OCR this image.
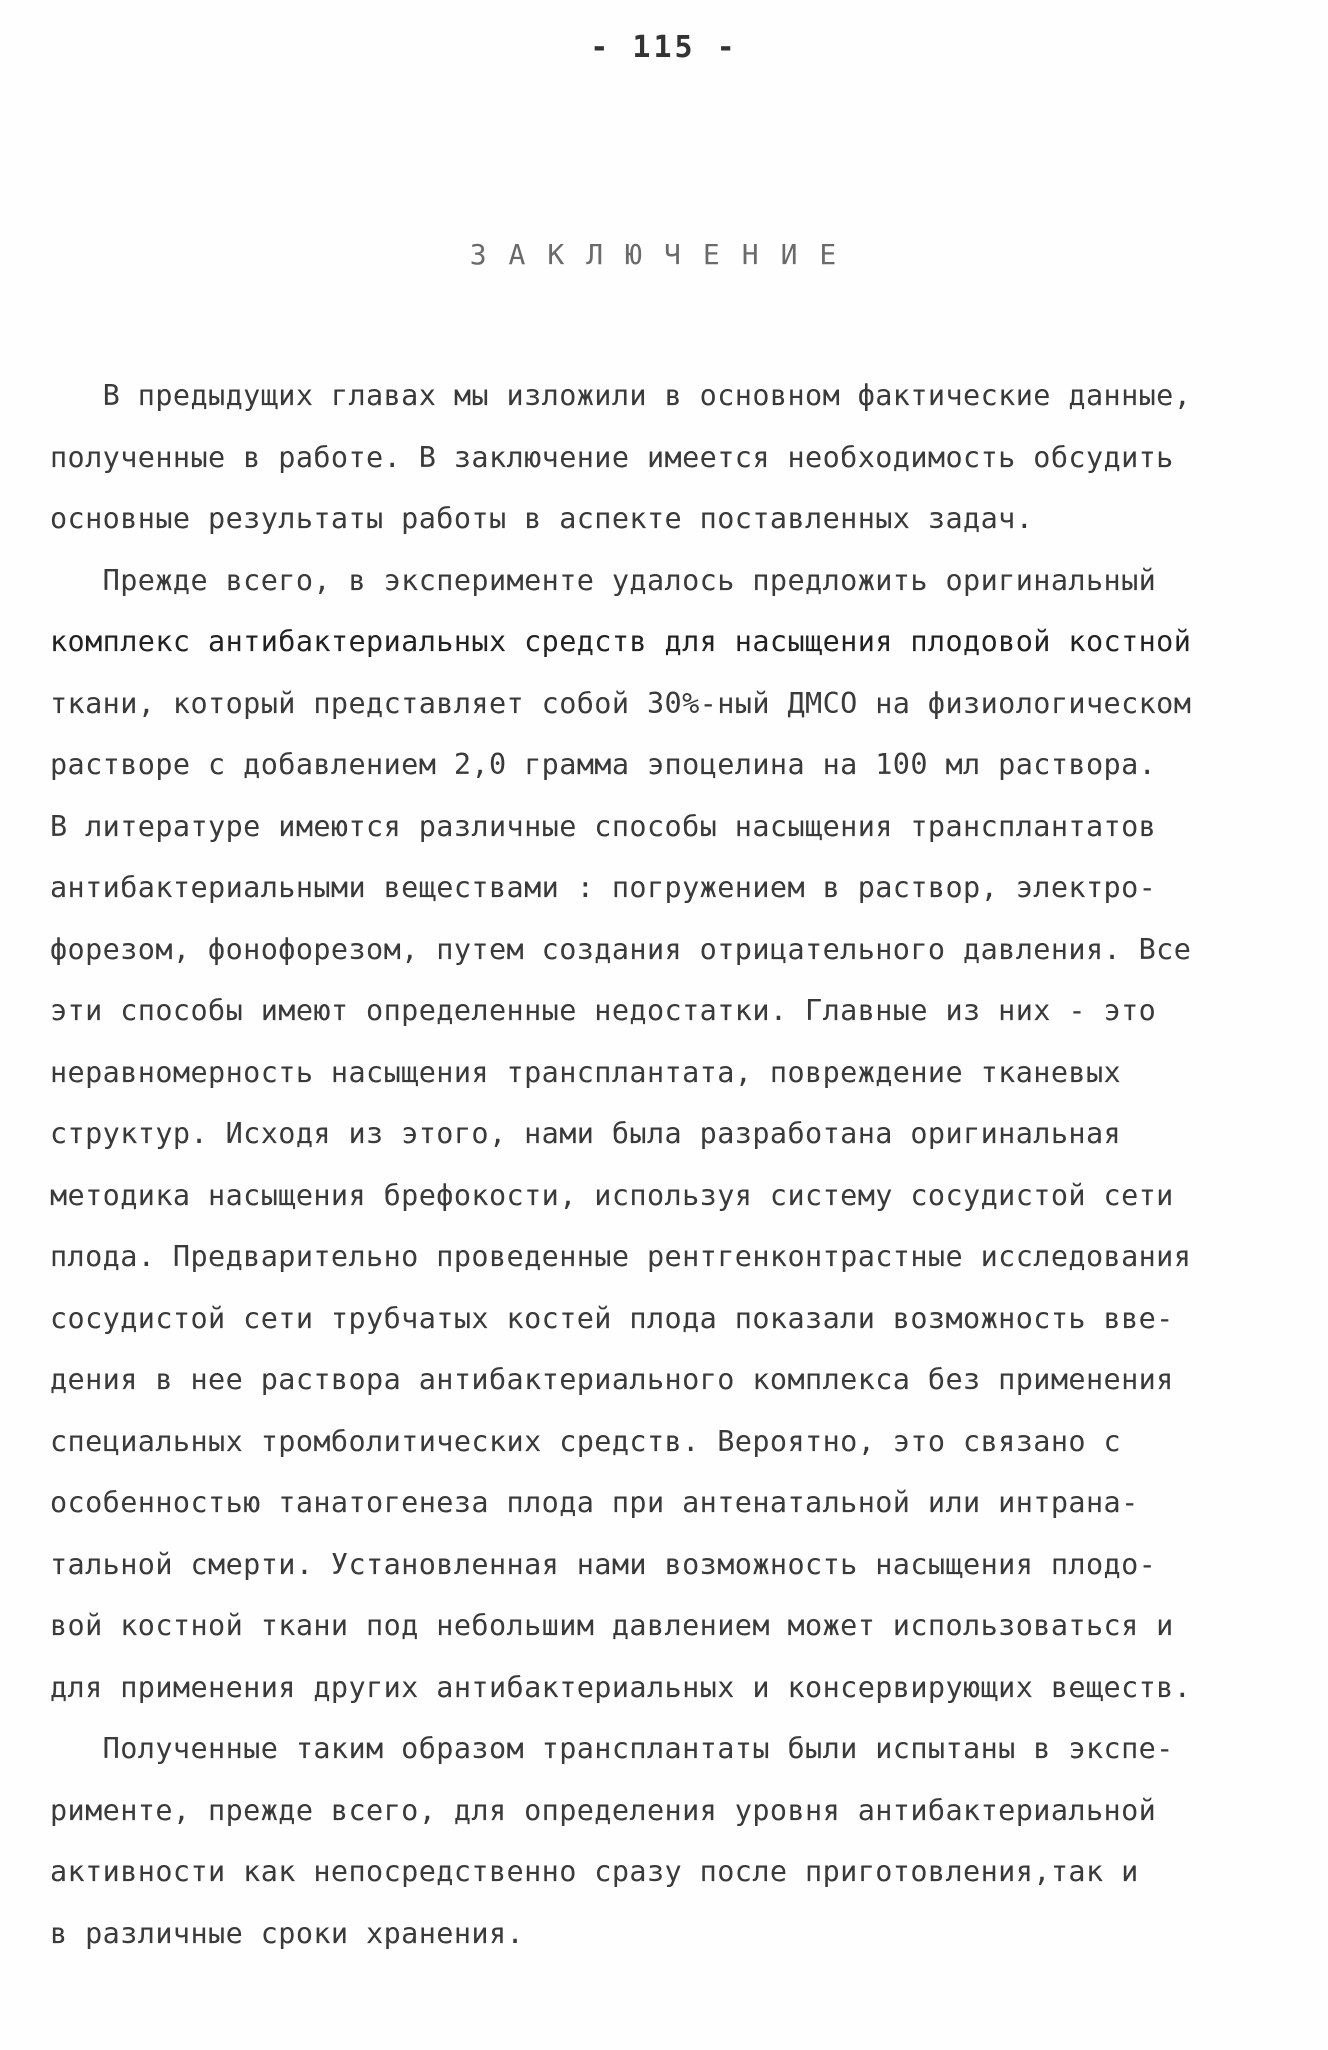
- 115 -
ЗАКЛЮЧЕНИЕ
В предыдущих главах мы изложили в основном фактические данные,
полученные в работе. В заключение имеется необходимость обсудить
основные результаты работы в аспекте поставленных задач.
Прежде всего, в эксперименте удалось предложить оригинальный
комплекс антибактериальных средств для насыщения плодовой костной
ткани, который представляет собой 30%-ный ДМСО на физиологическом
растворе с добавлением 2,0 грамма эпоцелина на 100 мл раствора.
В литературе имеются различные способы насыщения трансплантатов
антибактериальными веществами : погружением в раствор, электро-
форезом, фонофорезом, путем создания отрицательного давления. Все
эти способы имеют определенные недостатки. Главные из них - это
неравномерность насыщения трансплантата, повреждение тканевых
структур. Исходя из этого, нами была разработана оригинальная
методика насыщения брефокости, используя систему сосудистой сети
плода. Предварительно проведенные рентгенконтрастные исследования
сосудистой сети трубчатых костей плода показали возможность вве-
дения в нее раствора антибактериального комплекса без применения
специальных тромболитических средств. Вероятно, это связано с
особенностью танатогенеза плода при антенатальной или интрана-
тальной смерти. Установленная нами возможность насыщения плодо-
вой костной ткани под небольшим давлением может использоваться и
для применения других антибактериальных и консервирующих веществ.
Полученные таким образом трансплантаты были испытаны в экспе-
рименте, прежде всего, для определения уровня антибактериальной
активности как непосредственно сразу после приготовления,так и
в различные сроки хранения.
